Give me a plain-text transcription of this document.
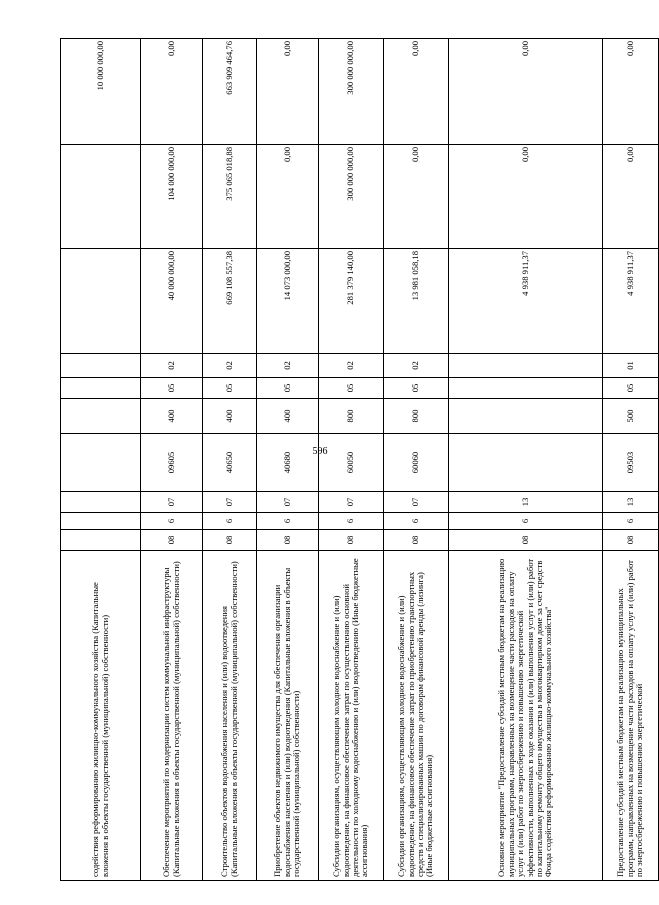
596
содействия реформированию жилищно-коммунального хозяйства (Капитальные вложения в объекты государственной (муниципальной) собственности)										10 000 000,00
Обеспечение мероприятий по модернизации систем коммунальной инфраструктуры (Капитальные вложения в объекты государственной (муниципальной) собственности)	08	6	07	09605	400	05	02	40 000 000,00	104 000 000,00	0,00
Строительство объектов водоснабжения населения и (или) водоотведения (Капитальные вложения в объекты государственной (муниципальной) собственности)	08	6	07	40650	400	05	02	669 108 557,38	375 065 018,88	663 909 464,76
Приобретение объектов недвижимого имущества для обеспечения организации водоснабжения населения и (или) водоотведения (Капитальные вложения в объекты государственной (муниципальной) собственности)	08	6	07	40680	400	05	02	14 073 000,00	0,00	0,00
Субсидии организациям, осуществляющим холодное водоснабжение и (или) водоотведение, на финансовое обеспечение затрат по осуществлению основной деятельности по холодному водоснабжению и (или) водоотведению (Иные бюджетные ассигнования)	08	6	07	60050	800	05	02	281 379 140,00	300 000 000,00	300 000 000,00
Субсидии организациям, осуществляющим холодное водоснабжение и (или) водоотведение, на финансовое обеспечение затрат по приобретению транспортных средств и специализированных машин по договорам финансовой аренды (лизинга) (Иные бюджетные ассигнования)	08	6	07	60060	800	05	02	13 981 058,18	0,00	0,00
Основное мероприятие "Предоставление субсидий местным бюджетам на реализацию муниципальных программ, направленных на возмещение части расходов на оплату услуг и (или) работ по энергосбережению и повышению энергетической эффективности, выполненных в ходе оказания и (или) выполнения услуг и (или) работ по капитальному ремонту общего имущества в многоквартирном доме за счет средств Фонда содействия реформированию жилищно-коммунального хозяйства"	08	6	13					4 938 911,37	0,00	0,00
Предоставление субсидий местным бюджетам на реализацию муниципальных программ, направленных на возмещение части расходов на оплату услуг и (или) работ по энергосбережению и повышению энергетической	08	6	13	09503	500	05	01	4 938 911,37	0,00	0,00
